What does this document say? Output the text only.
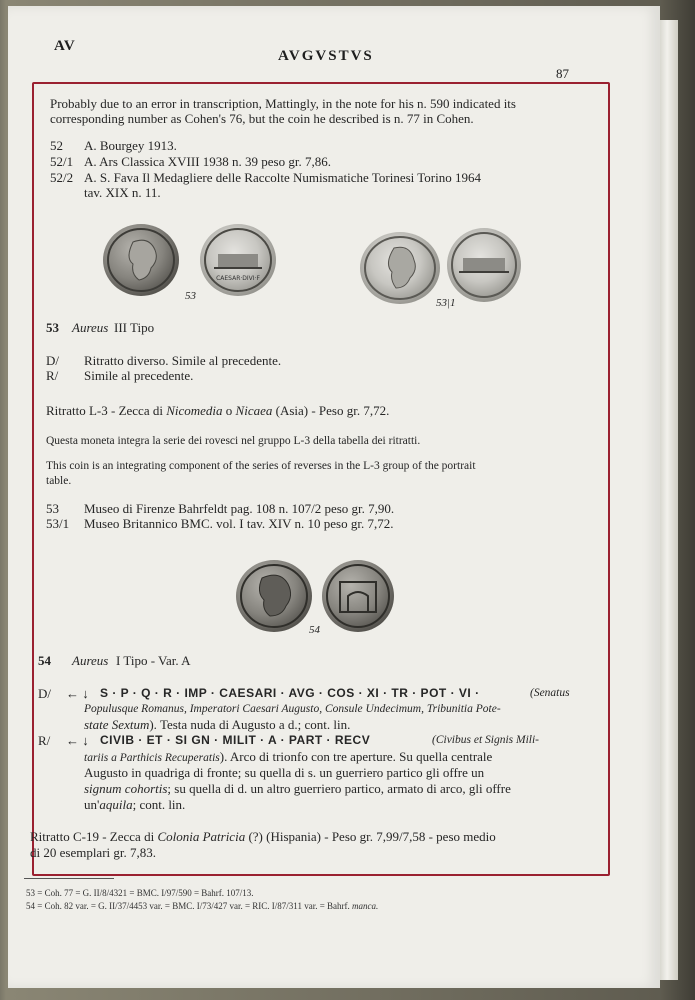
AV
AVGVSTVS
87
Probably due to an error in transcription, Mattingly, in the note for his n. 590 indicated its
corresponding number as Cohen's 76, but the coin he described is n. 77 in Cohen.
52 A. Bourgey 1913.
52/1 A. Ars Classica XVIII 1938 n. 39 peso gr. 7,86.
52/2 A. S. Fava Il Medagliere delle Raccolte Numismatiche Torinesi Torino 1964
tav. XIX n. 11.
CAESAR·DIVI·F
53
53|1
53 Aureus III Tipo
D/ Ritratto diverso. Simile al precedente.
R/ Simile al precedente.
Ritratto L-3 - Zecca di Nicomedia o Nicaea (Asia) - Peso gr. 7,72.
Questa moneta integra la serie dei rovesci nel gruppo L-3 della tabella dei ritratti.
This coin is an integrating component of the series of reverses in the L-3 group of the portrait
table.
53 Museo di Firenze Bahrfeldt pag. 108 n. 107/2 peso gr. 7,90.
53/1 Museo Britannico BMC. vol. I tav. XIV n. 10 peso gr. 7,72.
54
54 Aureus I Tipo - Var. A
D/ ← ↓ S · P · Q · R · IMP · CAESARI · AVG · COS · XI · TR · POT · VI ·	(Senatus
Populusque Romanus, Imperatori Caesari Augusto, Consule Undecimum, Tribunitia Pote-
state Sextum). Testa nuda di Augusto a d.; cont. lin.
R/ ← ↓ CIVIB · ET · SI GN · MILIT · A · PART · RECV	(Civibus et Signis Mili-
tariis a Parthicis Recuperatis). Arco di trionfo con tre aperture. Su quella centrale
Augusto in quadriga di fronte; su quella di s. un guerriero partico gli offre un
signum cohortis; su quella di d. un altro guerriero partico, armato di arco, gli offre
un'aquila; cont. lin.
Ritratto C-19 - Zecca di Colonia Patricia (?) (Hispania) - Peso gr. 7,99/7,58 - peso medio
di 20 esemplari gr. 7,83.
53 = Coh. 77 = G. II/8/4321 = BMC. I/97/590 = Bahrf. 107/13.
54 = Coh. 82 var. = G. II/37/4453 var. = BMC. I/73/427 var. = RIC. I/87/311 var. = Bahrf. manca.
